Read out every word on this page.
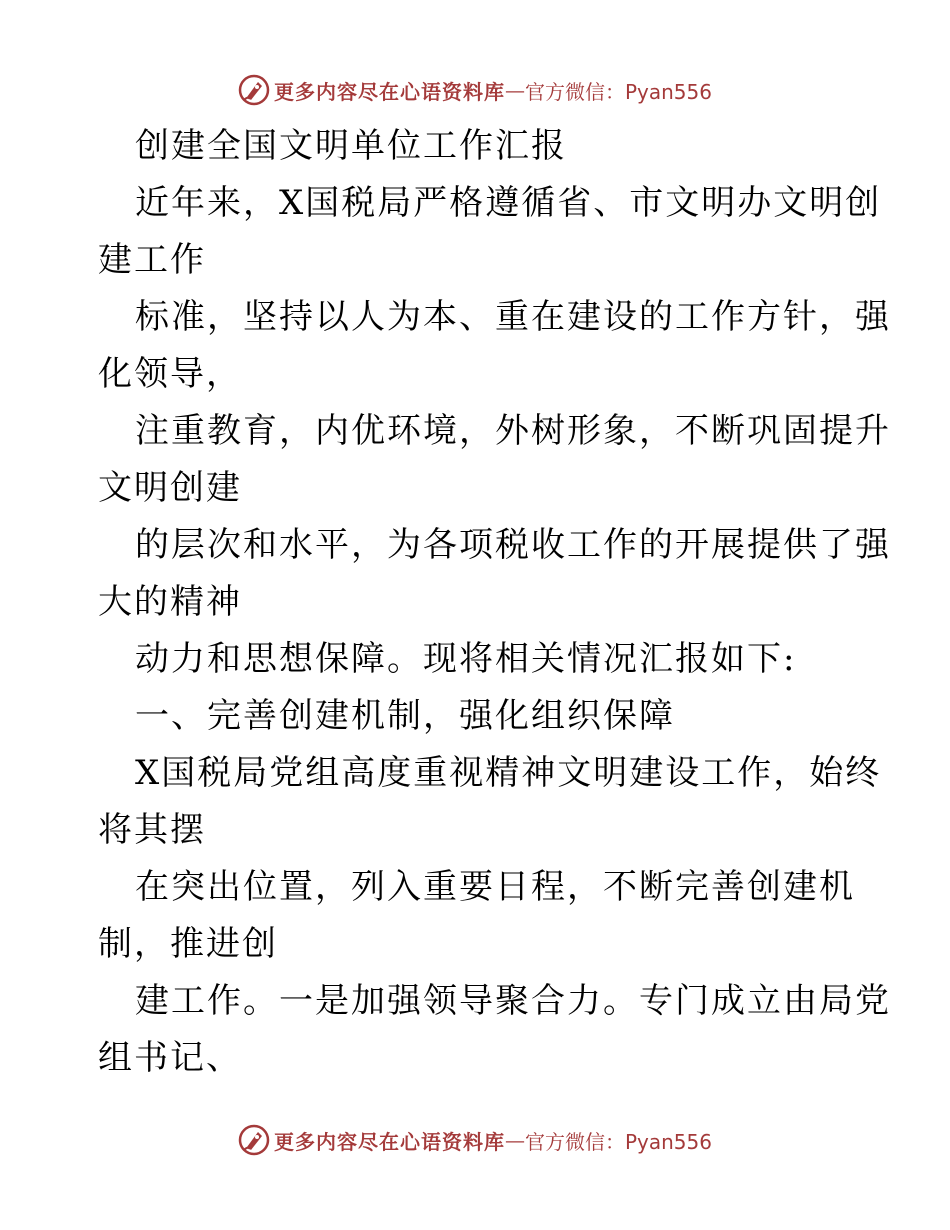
更多内容尽在心语资料库 — 官方微信：Pyan556
创建全国文明单位工作汇报
近年来，X国税局严格遵循省、市文明办文明创
建工作
标准，坚持以人为本、重在建设的工作方针，强
化领导，
注重教育，内优环境，外树形象，不断巩固提升
文明创建
的层次和水平，为各项税收工作的开展提供了强
大的精神
动力和思想保障。现将相关情况汇报如下:
一、完善创建机制，强化组织保障
X国税局党组高度重视精神文明建设工作，始终
将其摆
在突出位置，列入重要日程，不断完善创建机
制，推进创
建工作。一是加强领导聚合力。专门成立由局党
组书记、
更多内容尽在心语资料库 — 官方微信：Pyan556
